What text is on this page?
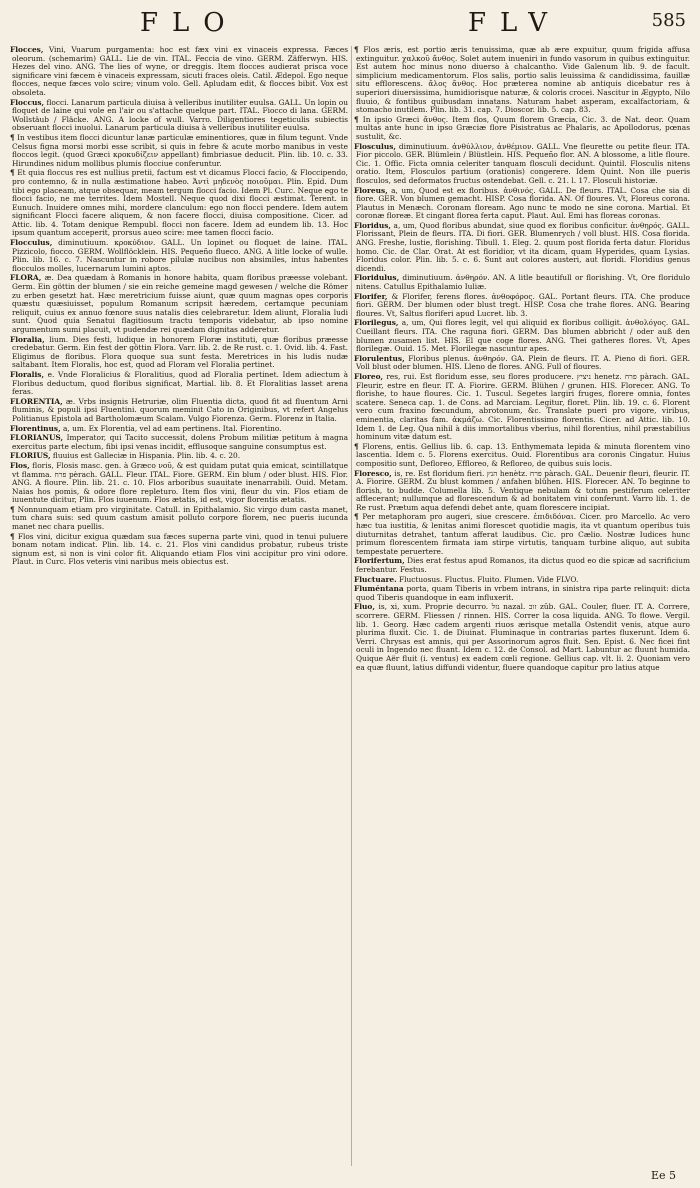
FLO	FLV	585

Flocces, Vini, Vuarum purgamenta: hoc est fæx vini ex vinaceis expressa. Fæces oleorum. (schemarim) GALL. Lie de vin. ITAL. Feccia de vino. GERM. Zäfferwyn. HIS. Hezes del vino. ANG. The lies of wyne, or dreggis. Item flocces audierat prisca voce significare vini fæcem è vinaceis expressam, sicuti fraces oleis. Catil. Ædepol. Ego neque flocces, neque fæces volo scire; vinum volo. Gell. Apludam edit, & flocces bibit. Vox est obsoleta.

Floccus, flocci. Lanarum particula diuisa à velleribus inutiliter euulsa. GALL. Un lopin ou floquet de laine qui vole en l'air ou s'attache quelque part. ITAL. Fiocco di lana. GERM. Wollstäub / Fläcke. ANG. A locke of wull. Varro. Diligentiores tegeticulis subiectis obseruant flocci inuolui. Lanarum particula diuisa à velleribus inutiliter euulsa.

¶ In vestibus item flocci dicuntur lanæ particulæ eminentiores, quæ in filum tegunt. Vnde Celsus figna morsi morbi esse scribit, si quis in febre & acute morbo manibus in veste floccos legit. (quod Græci κροκυδίζειν appellant) fimbriasue deducit. Plin. lib. 10. c. 33. Hirundines nidum mollibus plumis flocciue conferuntur.

¶ Et quia floccus res est nullius pretii, factum est vt dicamus Flocci facio, & Floccipendo, pro contemno, & in nulla æstimatione habeo. Ἀντὶ μηδενὸς ποιοῦμαι. Plin. Epid. Dum tibi ego placeam, atque obsequar, meam tergum flocci facio. Idem Pl. Curc. Neque ego te flocci facio, ne me territes. Idem Mostell. Neque quod dixi flocci æstimat. Terent. in Eunuch. Inuidere omnes mihi, mordere clanculum: ego non flocci pendere. Idem autem significant Flocci facere aliquem, & non facere flocci, diuisa compositione. Cicer. ad Attic. lib. 4. Totam denique Rempubl. flocci non facere. Idem ad eundem lib. 13. Hoc ipsum quantum acceperit, prorsus aueo scire: mee tamen flocci facio.

Flocculus, diminutiuum. κροκύδιον. GALL. Un lopinet ou floquet de laine. ITAL. Pizzicolo, fiocco. GERM. Wollflöcklein. HIS. Pequeño flueco. ANG. A litle locke of wulle. Plin. lib. 16. c. 7. Nascuntur in robore pilulæ nucibus non absimiles, intus habentes flocculos molles, lucernarum lumini aptos.

FLORA, æ. Dea quædam à Romanis in honore habita, quam floribus præesse volebant. Germ. Ein göttin der blumen / sie ein reiche gemeine magd gewesen / welche die Römer zu erben gesetzt hat. Hæc meretricium fuisse aiunt, quæ quum magnas opes corporis quæstu quæsiuisset, populum Romanum scripsit hæredem, certamque pecuniam reliquit, cuius ex annuo fœnore suus natalis dies celebraretur. Idem aliunt, Floralia ludi sunt. Quod quia Senatui flagitiosum tractu temporis videbatur, ab ipso nomine argumentum sumi placuit, vt pudendæ rei quædam dignitas adderetur.

Floralia, lium. Dies festi, ludique in honorem Floræ instituti, quæ floribus præesse credebatur. Germ. Ein fest der göttin Flora. Varr. lib. 2. de Re rust. c. 1. Ovid. lib. 4. Fast. Eligimus de floribus. Flora quoque sua sunt festa. Meretrices in his ludis nudæ saltabant. Item Floralis, hoc est, quod ad Floram vel Floralia pertinet.

Floralis, e. Vnde Floralicius & Floralitius, quod ad Floralia pertinet. Idem adiectum à Floribus deductum, quod floribus significat, Martial. lib. 8. Et Floralitias lasset arena feras.

FLORENTIA, æ. Vrbs insignis Hetruriæ, olim Fluentia dicta, quod fit ad fluentum Arni fluminis, & populi ipsi Fluentini. quorum meminit Cato in Originibus, vt refert Angelus Politianus Epistola ad Bartholomæum Scalam. Vulgo Fiorenza. Germ. Florenz in Italia.

Florentinus, a, um. Ex Florentia, vel ad eam pertinens. Ital. Fiorentino.

FLORIANUS, Imperator, qui Tacito successit, dolens Probum militiæ petitum à magna exercitus parte electum, fibi ipsi venas incidit, efflusoque sanguine consumptus est.

FLORIUS, fluuius est Galleciæ in Hispania. Plin. lib. 4. c. 20.

Flos, floris, Flosis masc. gen. à Græco νοῦ, & est quidam putat quia emicat, scintillatque vt flamma. פרח pèrach. GALL. Fleur. ITAL. Fiore. GERM. Ein blum / oder blust. HIS. Flor. ANG. A floure. Plin. lib. 21. c. 10. Flos arboribus suauitate inenarrabili. Ouid. Metam. Naias hos pomis, & odore flore repleturo. Item flos vini, fleur du vin. Flos etiam de iuuentute dicitur, Plin. Flos iuuenum. Flos ætatis, id est, vigor florentis ætatis.

¶ Nonnunquam etiam pro virginitate. Catull. in Epithalamio. Sic virgo dum casta manet, tum chara suis: sed quum castum amisit polluto corpore florem, nec pueris iucunda manet nec chara puellis.

¶ Flos vini, dicitur exigua quædam sua fæces superna parte vini, quod in tenui puluere bonam notam indicat. Plin. lib. 14. c. 21. Flos vini candidus probatur, rubeus triste signum est, si non is vini color fit. Aliquando etiam Flos vini accipitur pro vini odore. Plaut. in Curc. Flos veteris vini naribus meis obiectus est.

¶ Flos æris, est portio æris tenuissima, quæ ab ære expuitur, quum frigida affusa extinguitur. χαλκοῦ ἄνθος. Solet autem inueniri in fundo vasorum in quibus extinguitur. Est autem hoc minus nono diuerso à chalcantho. Vide Galenum lib. 9. de facult. simplicium medicamentorum. Flos salis, portio salis leuissima & candidissima, fauillæ situ efflorescens. ἄλος ἄνθος. Hoc præterea nomine ab antiquis dicebatur res à superiori diuersissima, humidiorisque naturæ, & coloris crocei. Nascitur in Ægypto, Nilo fluuio, & fontibus quibusdam innatans. Naturam habet asperam, excalfactoriam, & stomacho inutilem. Plin. lib. 31. cap. 7. Dioscor. lib. 5. cap. 83.

¶ In ipsio Græci ἄνθος. Item flos, Quum florem Græcia, Cic. 3. de Nat. deor. Quam multas ante hunc in ipso Græciæ flore Pisistratus ac Phalaris, ac Apollodorus, pœnas sustulit, &c.

Flosculus, diminutiuum. ἀνθύλλιον, ἀνθέμιον. GALL. Vne fleurette ou petite fleur. ITA. Fior piccolo. GER. Blümlein / Blüstlein. HIS. Pequeño flor. AN. A blossome, a litle floure. Cic. 1. Offic. Ficta omnia celeriter tanquam flosculi decidunt. Quintil. Flosculis nitens oratio. Item, Flosculos partium (orationis) congerere. Idem Quint. Non ille pueris flosculos, sed deformatos fructus ostendebat. Gell. c. 21. l. 17. Flosculi historiæ.

Floreus, a, um, Quod est ex floribus. ἀνθινός. GALL. De fleurs. ITAL. Cosa che sia di fiore. GER. Von blumen gemacht. HISP. Cosa florida. AN. Of floures. Vt, Floreus corona. Plautus in Menæch. Coronam floream. Ago nunc te modo ne sine corona. Martial. Et coronæ floreæ. Et cingant florea ferta caput. Plaut. Aul. Emi has floreas coronas.

Floridus, a, um, Quod floribus abundat, siue quod ex floribus conficitur. ἀνθηρός. GALL. Florissant, Plein de fleurs. ITA. Di fiori. GER. Blumenrych / voll blust. HIS. Cosa florida. ANG. Freshe, lustie, florishing. Tibull. 1. Eleg. 2. quum post florida ferta datur. Floridus homo. Cic. de Clar. Orat. At est floridior, vt ita dicam, quam Hyperides, quam Lysias. Floridus color. Plin. lib. 5. c. 6. Sunt aut colores austeri, aut floridi. Floridius genus dicendi.

Floridulus, diminutiuum. ἀνθηρόν. AN. A litle beautifull or florishing. Vt, Ore floridulo nitens. Catullus Epithalamio Iuliæ.

Florifer, & Florifer, ferens flores. ἀνθοφόρος. GAL. Portant fleurs. ITA. Che produce fiori. GERM. Der blumen oder blust tregt. HISP. Cosa che trahe flores. ANG. Bearing floures. Vt, Saltus floriferi apud Lucret. lib. 3.

Florilegus, a, um, Qui flores legit, vel qui aliquid ex floribus colligit. ἀνθολόγος. GAL. Cueillant fleurs. ITA. Che raguna fiori. GERM. Das blumen abbricht / oder auß den blumen zusamen list. HIS. El que coge flores. ANG. Thei gatheres flores. Vt, Apes florilegæ. Ouid. 15. Met. Florilegæ nascuntur apes.

Florulentus, Floribus plenus. ἀνθηρόν. GA. Plein de fleurs. IT. A. Pieno di fiori. GER. Voll blust oder blumen. HIS. Lleno de flores. ANG. Full of floures.

Floreo, res, rui. Est floridum esse, seu flores producere. ניציץ henetz. פרח pàrach. GAL. Fleurir, estre en fleur. IT. A. Fiorire. GERM. Blühen / grunen. HIS. Florecer. ANG. To florishe, to haue floures. Cic. 1. Tuscul. Segetes largiri fruges, florere omnia, fontes scatere. Seneca cap. 1. de Cons. ad Marciam. Legitur, floret. Plin. lib. 19. c. 6. Florent vero cum fraxino fœcundum, abrotonum, &c. Translate pueri pro vigore, viribus, eminentia, claritas fam. ἀκμάζω. Cic. Florentissimo florentis. Cicer. ad Attic. lib. 10. Idem 1. de Leg. Qua nihil à diis immortalibus vberius, nihil florentius, nihil præstabilius hominum vitæ datum est.

¶ Florens, entis. Gellius lib. 6. cap. 13. Enthymemata lepida & minuta florentem vino lascentia. Idem c. 5. Florens exercitus. Ouid. Florentibus ara coronis Cingatur. Huius compositio sunt, Defloreo, Effloreo, & Refloreo, de quibus suis locis.

Floresco, is, re. Est floridum fieri. הנץ henètz. פרח pàrach. GAL. Deuenir fleuri, fleurir. IT. A. Fiorire. GERM. Zu blust kommen / anfahen blühen. HIS. Florecer. AN. To beginne to florish, to budde. Columella lib. 5. Ventique nebulam & totum pestiferum celeriter afflecerant; nullumque ad florescendum & ad bonitatem vini conferunt. Varro lib. 1. de Re rust. Prætum aqua defendi debet ante, quam florescere incipiat.

¶ Per metaphoram pro augeri, siue crescere. ἐπιδιδόναι. Cicer. pro Marcello. Ac vero hæc tua iustitia, & lenitas animi florescet quotidie magis, ita vt quantum operibus tuis diuturnitas detrahet, tantum afferat laudibus. Cic. pro Cælio. Nostræ Iudices hunc primum florescentem firmata iam stirpe virtutis, tanquam turbine aliquo, aut subita tempestate peruertere.

Florifertum, Dies erat festus apud Romanos, ita dictus quod eo die spicæ ad sacrificium ferebantur. Festus.

Fluctuare. Fluctuosus. Fluctus. Fluito. Flumen. Vide FLVO.

Fluméntana porta, quam Tiberis in vrbem intrans, in sinistra ripa parte relinquit: dicta quod Tiberis quandoque in eam influxerit.

Fluo, is, xi, xum. Proprie decurro. נזל nazal. זוב zûb. GAL. Couler, fluer. IT. A. Correre, scorrere. GERM. Fliessen / rinnen. HIS. Correr la cosa liquida. ANG. To flowe. Vergil. lib. 1. Georg. Hæc cadem argenti riuos ærisque metalla Ostendit venis, atque auro plurima fluxit. Cic. 1. de Diuinat. Fluminaque in contrarias partes fluxerunt. Idem 6. Verri. Chrysas est amnis, qui per Assorinorum agros fluit. Sen. Epist. 6. Nec ficei fint oculi in Ingendo nec fluant. Idem c. 12. de Consol. ad Mart. Labuntur ac fluunt humida. Quique Aër fluit (i. ventus) ex eadem cœli regione. Gellius cap. vlt. li. 2. Quoniam vero ea quæ fluunt, latius diffundi videntur, fluere quandoque capitur pro latius atque

Ee 5
